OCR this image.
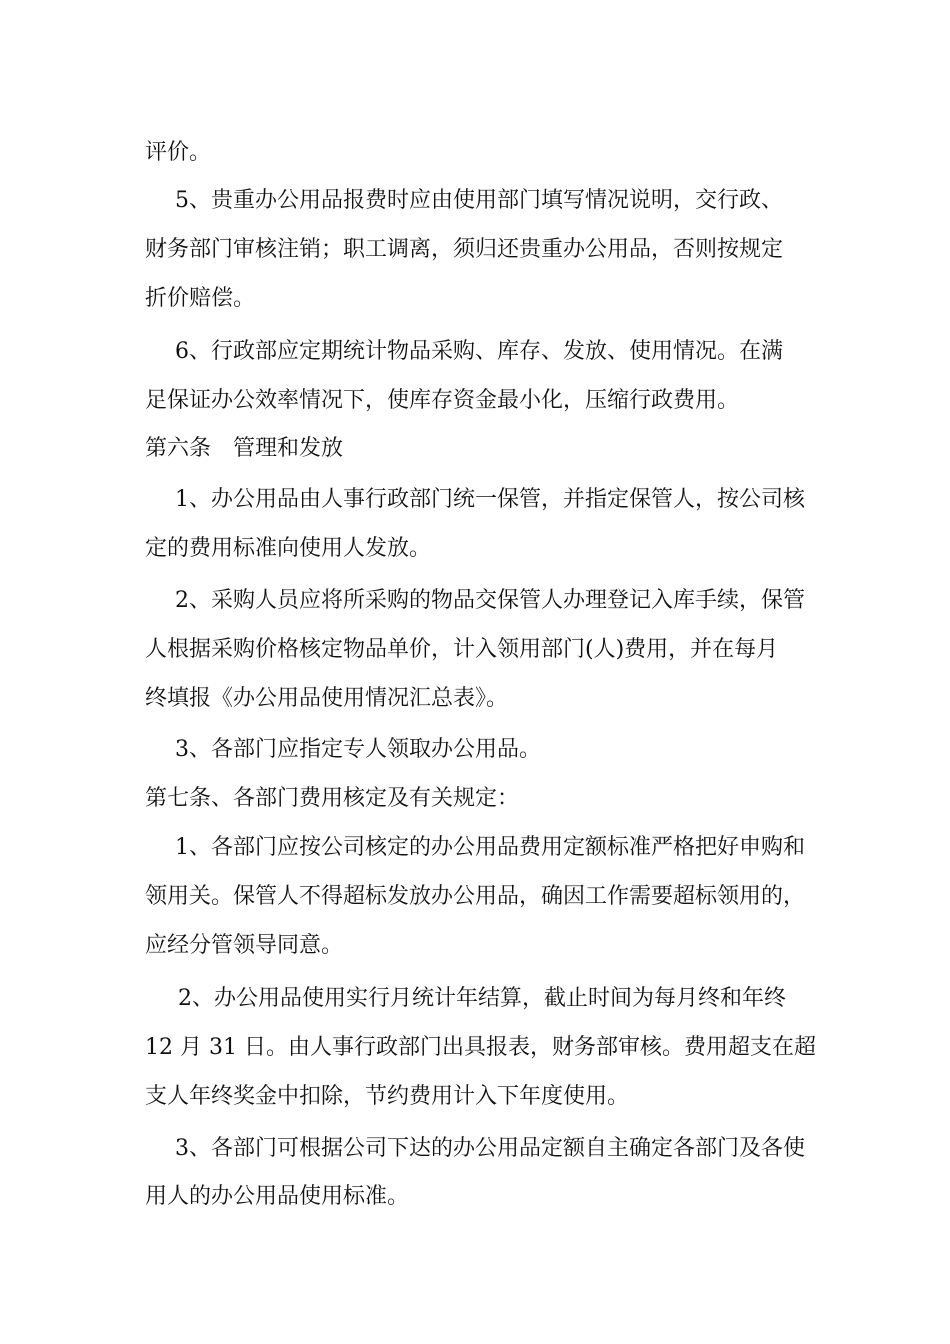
评价。
5、贵重办公用品报费时应由使用部门填写情况说明，交行政、
财务部门审核注销；职工调离，须归还贵重办公用品，否则按规定
折价赔偿。
6、行政部应定期统计物品采购、库存、发放、使用情况。在满
足保证办公效率情况下，使库存资金最小化，压缩行政费用。
第六条　管理和发放
1、办公用品由人事行政部门统一保管，并指定保管人，按公司核
定的费用标准向使用人发放。
2、采购人员应将所采购的物品交保管人办理登记入库手续，保管
人根据采购价格核定物品单价，计入领用部门(人)费用，并在每月
终填报《办公用品使用情况汇总表》。
3、各部门应指定专人领取办公用品。
第七条、各部门费用核定及有关规定：
1、各部门应按公司核定的办公用品费用定额标准严格把好申购和
领用关。保管人不得超标发放办公用品，确因工作需要超标领用的，
应经分管领导同意。
2、办公用品使用实行月统计年结算，截止时间为每月终和年终
12 月 31 日。由人事行政部门出具报表，财务部审核。费用超支在超
支人年终奖金中扣除，节约费用计入下年度使用。
3、各部门可根据公司下达的办公用品定额自主确定各部门及各使
用人的办公用品使用标准。
